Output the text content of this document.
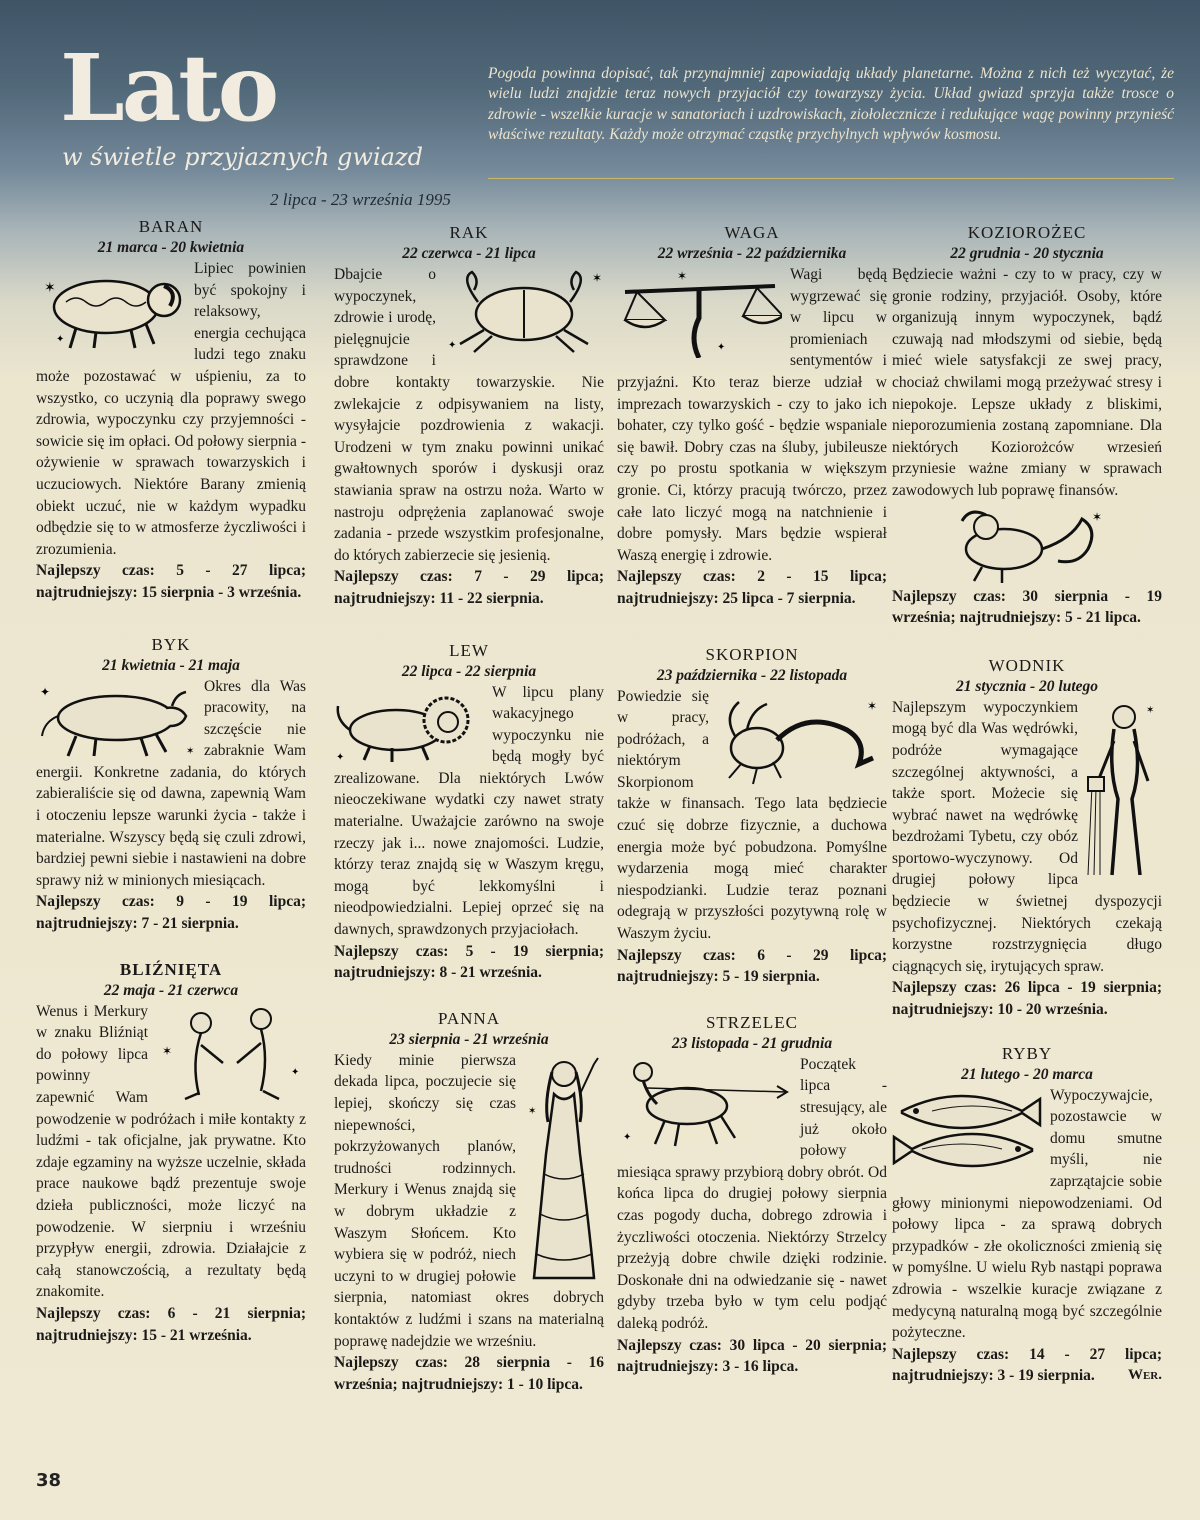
Lato
w świetle przyjaznych gwiazd
Pogoda powinna dopisać, tak przynajmniej zapowiadają układy planetarne. Można z nich też wyczytać, że wielu ludzi znajdzie teraz nowych przyjaciół czy towarzyszy życia. Układ gwiazd sprzyja także trosce o zdrowie - wszelkie kuracje w sanatoriach i uzdrowiskach, ziołolecznicze i redukujące wagę powinny przynieść właściwe rezultaty. Każdy może otrzymać cząstkę przychylnych wpływów kosmosu.
2 lipca - 23 września 1995
BARAN
21 marca - 20 kwietnia
✶
✦

Lipiec powinien być spokojny i relaksowy, energia cechująca ludzi tego znaku może pozostawać w uśpieniu, za to wszystko, co uczynią dla poprawy swego zdrowia, wypoczynku czy przyjemności - sowicie się im opłaci. Od połowy sierpnia - ożywienie w sprawach towarzyskich i uczuciowych. Niektóre Barany zmienią obiekt uczuć, nie w każdym wypadku odbędzie się to w atmosferze życzliwości i zrozumienia.

Najlepszy czas: 5 - 27 lipca; najtrudniejszy: 15 sierpnia - 3 września.

BYK
21 kwietnia - 21 maja
✦
✶

Okres dla Was pracowity, na szczęście nie zabraknie Wam energii. Konkretne zadania, do których zabieraliście się od dawna, zapewnią Wam i otoczeniu lepsze warunki życia - także i materialne. Wszyscy będą się czuli zdrowi, bardziej pewni siebie i nastawieni na dobre sprawy niż w minionych miesiącach.

Najlepszy czas: 9 - 19 lipca; najtrudniejszy: 7 - 21 sierpnia.

BLIŹNIĘTA
22 maja - 21 czerwca
✶
✦

Wenus i Merkury w znaku Bliźniąt do połowy lipca powinny zapewnić Wam powodzenie w podróżach i miłe kontakty z ludźmi - tak oficjalne, jak prywatne. Kto zdaje egzaminy na wyższe uczelnie, składa prace naukowe bądź prezentuje swoje dzieła publiczności, może liczyć na powodzenie. W sierpniu i wrześniu przypływ energii, zdrowia. Działajcie z całą stanowczością, a rezultaty będą znakomite.

Najlepszy czas: 6 - 21 sierpnia; najtrudniejszy: 15 - 21 września.

RAK
22 czerwca - 21 lipca
✦
✶

Dbajcie o wypoczynek, zdrowie i urodę, pielęgnujcie sprawdzone i dobre kontakty towarzyskie. Nie zwlekajcie z odpisywaniem na listy, wysyłajcie pozdrowienia z wakacji. Urodzeni w tym znaku powinni unikać gwałtownych sporów i dyskusji oraz stawiania spraw na ostrzu noża. Warto w nastroju odprężenia zaplanować swoje zadania - przede wszystkim profesjonalne, do których zabierzecie się jesienią.

Najlepszy czas: 7 - 29 lipca; najtrudniejszy: 11 - 22 sierpnia.

LEW
22 lipca - 22 sierpnia
✦

W lipcu plany wakacyjnego wypoczynku nie będą mogły być zrealizowane. Dla niektórych Lwów nieoczekiwane wydatki czy nawet straty materialne. Uważajcie zarówno na swoje rzeczy jak i... nowe znajomości. Ludzie, którzy teraz znajdą się w Waszym kręgu, mogą być lekkomyślni i nieodpowiedzialni. Lepiej oprzeć się na dawnych, sprawdzonych przyjaciołach.

Najlepszy czas: 5 - 19 sierpnia; najtrudniejszy: 8 - 21 września.

PANNA
23 sierpnia - 21 września
✶

Kiedy minie pierwsza dekada lipca, poczujecie się lepiej, skończy się czas niepewności, pokrzyżowanych planów, trudności rodzinnych. Merkury i Wenus znajdą się w dobrym układzie z Waszym Słońcem. Kto wybiera się w podróż, niech uczyni to w drugiej połowie sierpnia, natomiast okres dobrych kontaktów z ludźmi i szans na materialną poprawę nadejdzie we wrześniu.

Najlepszy czas: 28 sierpnia - 16 września; najtrudniejszy: 1 - 10 lipca.

WAGA
22 września - 22 października
✶
✦

Wagi będą wygrzewać się w lipcu w promieniach sentymentów i przyjaźni. Kto teraz bierze udział w imprezach towarzyskich - czy to jako ich bohater, czy tylko gość - będzie wspaniale się bawił. Dobry czas na śluby, jubileusze czy po prostu spotkania w większym gronie. Ci, którzy pracują twórczo, przez całe lato liczyć mogą na natchnienie i dobre pomysły. Mars będzie wspierał Waszą energię i zdrowie.

Najlepszy czas: 2 - 15 lipca; najtrudniejszy: 25 lipca - 7 sierpnia.

SKORPION
23 października - 22 listopada
✶

Powiedzie się w pracy, podróżach, a niektórym Skorpionom także w finansach. Tego lata będziecie czuć się dobrze fizycznie, a duchowa energia może być pobudzona. Pomyślne wydarzenia mogą mieć charakter niespodzianki. Ludzie teraz poznani odegrają w przyszłości pozytywną rolę w Waszym życiu.

Najlepszy czas: 6 - 29 lipca; najtrudniejszy: 5 - 19 sierpnia.

STRZELEC
23 listopada - 21 grudnia
✦

Początek lipca - stresujący, ale już około połowy miesiąca sprawy przybiorą dobry obrót. Od końca lipca do drugiej połowy sierpnia czas pogody ducha, dobrego zdrowia i życzliwości otoczenia. Niektórzy Strzelcy przeżyją dobre chwile dzięki rodzinie. Doskonałe dni na odwiedzanie się - nawet gdyby trzeba było w tym celu podjąć daleką podróż.

Najlepszy czas: 30 lipca - 20 sierpnia; najtrudniejszy: 3 - 16 lipca.

KOZIOROŻEC
22 grudnia - 20 stycznia

Będziecie ważni - czy to w pracy, czy w gronie rodziny, przyjaciół. Osoby, które organizują innym wypoczynek, bądź czuwają nad młodszymi od siebie, będą mieć wiele satysfakcji ze swej pracy, chociaż chwilami mogą przeżywać stresy i niepokoje. Lepsze układy z bliskimi, nieporozumienia zostaną zapomniane. Dla niektórych Koziorożców wrzesień przyniesie ważne zmiany w sprawach zawodowych lub poprawę finansów.

✶

Najlepszy czas: 30 sierpnia - 19 września; najtrudniejszy: 5 - 21 lipca.

WODNIK
21 stycznia - 20 lutego
✶

Najlepszym wypoczynkiem mogą być dla Was wędrówki, podróże wymagające szczególnej aktywności, a także sport. Możecie się wybrać nawet na wędrówkę bezdrożami Tybetu, czy obóz sportowo-wyczynowy. Od drugiej połowy lipca będziecie w świetnej dyspozycji psychofizycznej. Niektórych czekają korzystne rozstrzygnięcia długo ciągnących się, irytujących spraw.

Najlepszy czas: 26 lipca - 19 sierpnia; najtrudniejszy: 10 - 20 września.

RYBY
21 lutego - 20 marca

Wypoczywajcie, pozostawcie w domu smutne myśli, nie zaprzątajcie sobie głowy minionymi niepowodzeniami. Od połowy lipca - za sprawą dobrych przypadków - złe okoliczności zmienią się w pomyślne. U wielu Ryb nastąpi poprawa zdrowia - wszelkie kuracje związane z medycyną naturalną mogą być szczególnie pożyteczne.

Najlepszy czas: 14 - 27 lipca; najtrudniejszy: 3 - 19 sierpnia. Wer.

38
